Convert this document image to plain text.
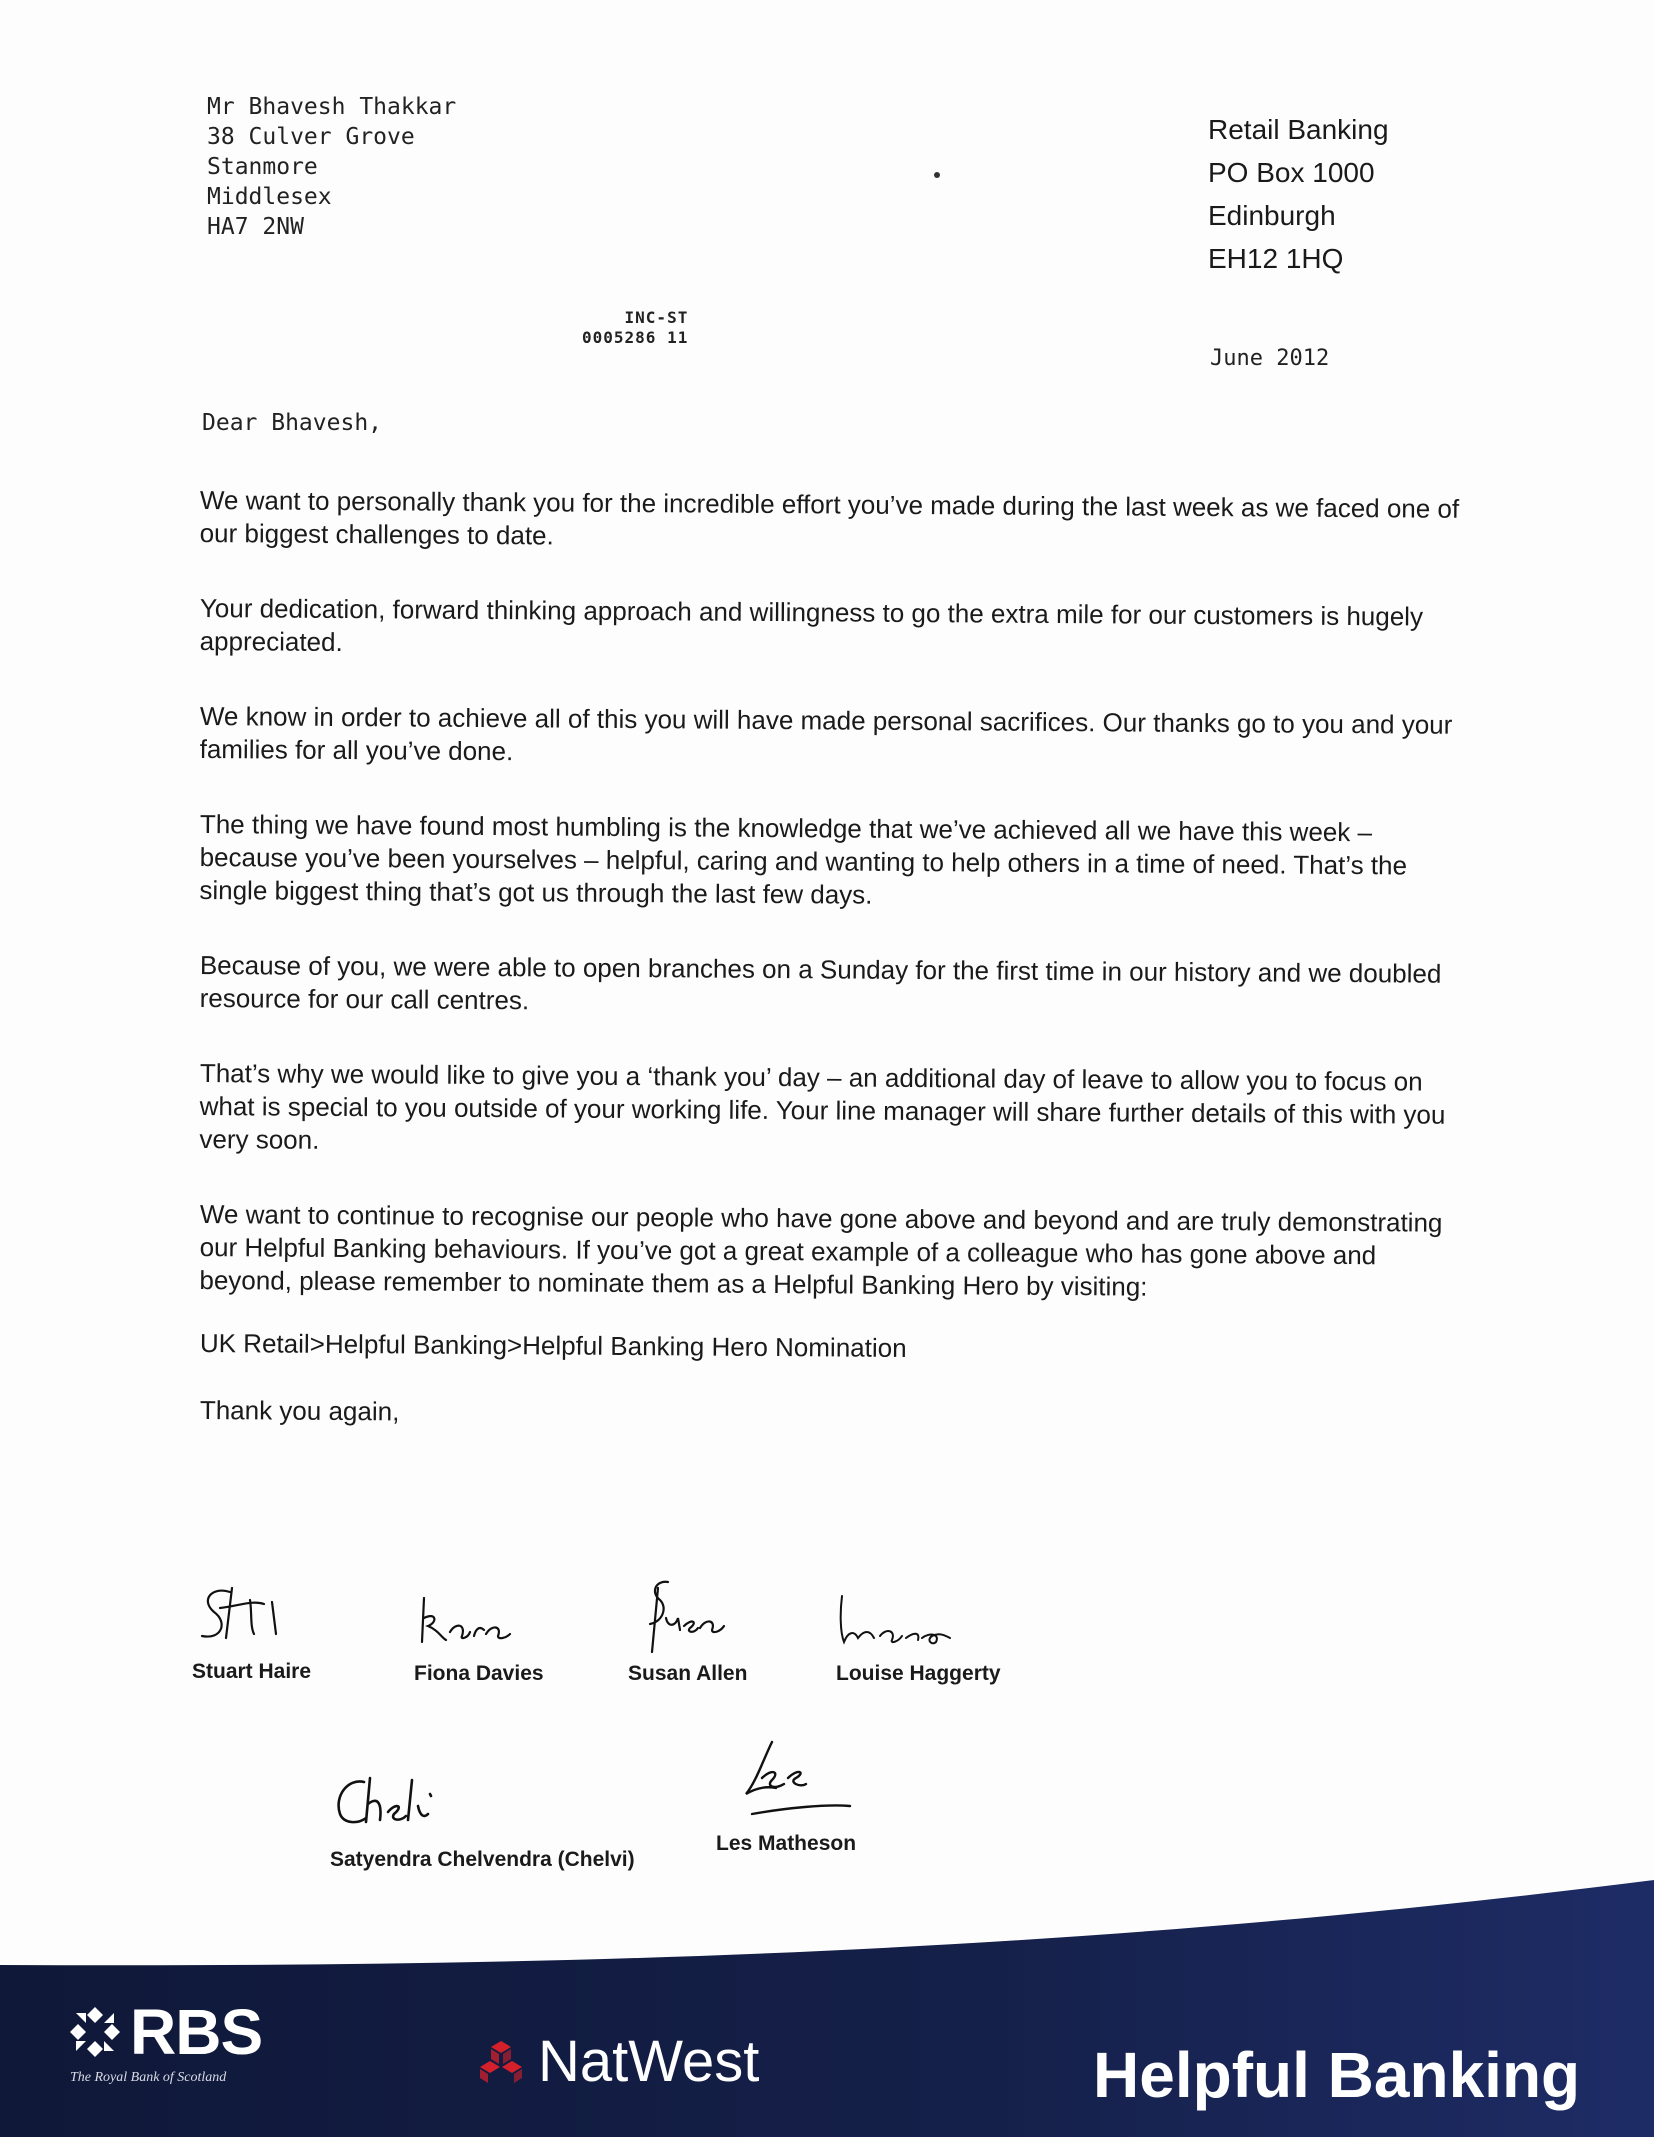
Mr Bhavesh Thakkar
38 Culver Grove
Stanmore
Middlesex
HA7 2NW
Retail Banking
PO Box 1000
Edinburgh
EH12 1HQ
INC-ST
0005286 11
June 2012
Dear Bhavesh,

We want to personally thank you for the incredible effort you’ve made during the last week as we faced one of our biggest challenges to date.

Your dedication, forward thinking approach and willingness to go the extra mile for our customers is hugely appreciated.

We know in order to achieve all of this you will have made personal sacrifices. Our thanks go to you and your families for all you’ve done.

The thing we have found most humbling is the knowledge that we’ve achieved all we have this week – because you’ve been yourselves – helpful, caring and wanting to help others in a time of need. That’s the single biggest thing that’s got us through the last few days.

Because of you, we were able to open branches on a Sunday for the first time in our history and we doubled resource for our call centres.

That’s why we would like to give you a ‘thank you’ day – an additional day of leave to allow you to focus on what is special to you outside of your working life. Your line manager will share further details of this with you very soon.

We want to continue to recognise our people who have gone above and beyond and are truly demonstrating our Helpful Banking behaviours. If you’ve got a great example of a colleague who has gone above and beyond, please remember to nominate them as a Helpful Banking Hero by visiting:

UK Retail>Helpful Banking>Helpful Banking Hero Nomination

Thank you again,

Stuart Haire	Fiona Davies	Susan Allen	Louise Haggerty
Satyendra Chelvendra (Chelvi)
Les Matheson
RBS
The Royal Bank of Scotland	NatWest	Helpful Banking
